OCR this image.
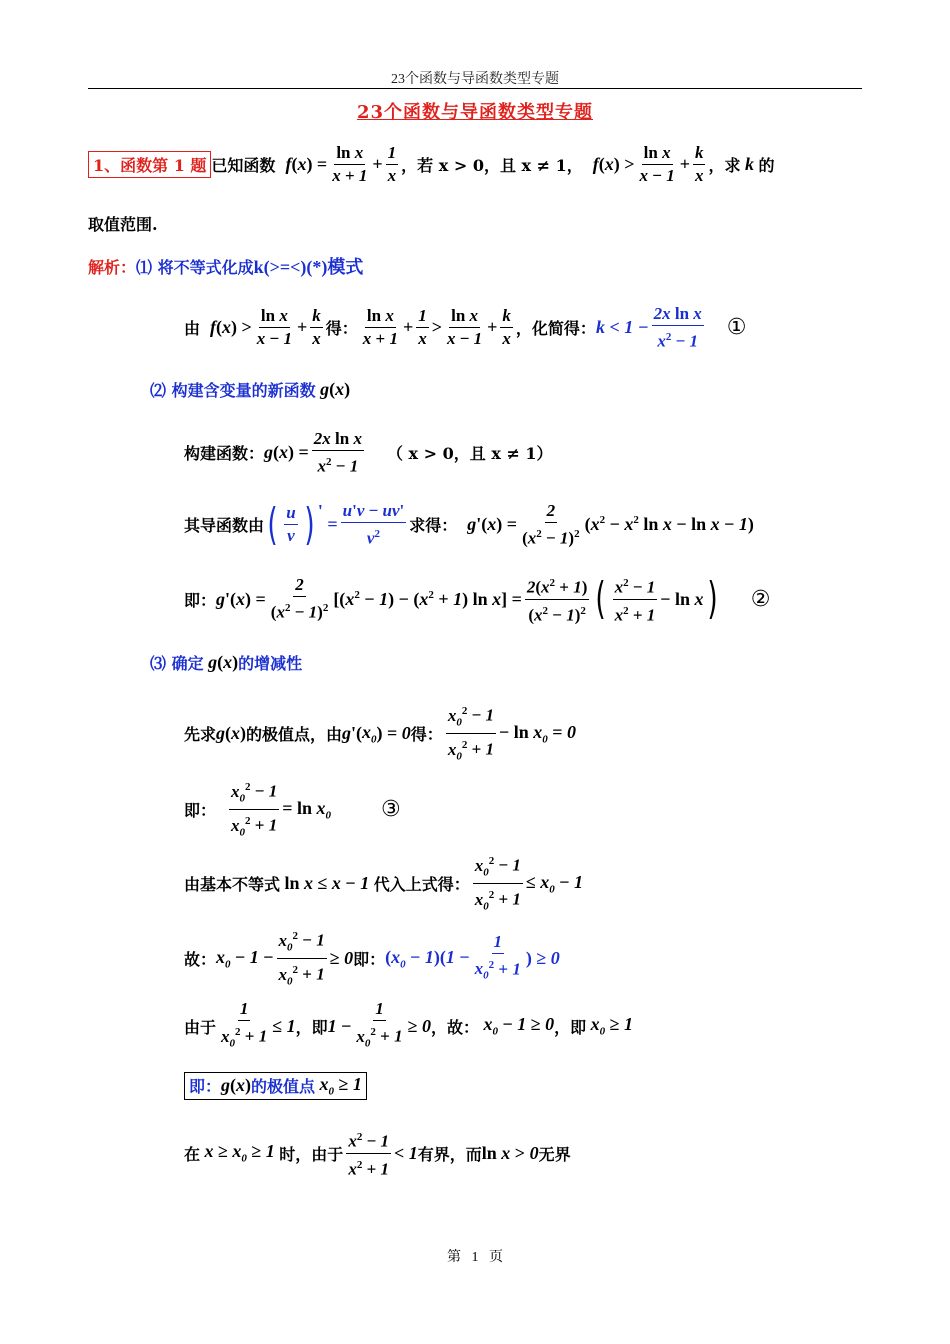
23个函数与导函数类型专题
23个函数与导函数类型专题
1、函数第 1 题 已知函数 f ( x ) = $\frac{\text{ln x}}{x + 1} + \frac{1}{x}$ ，若 x > 0，且 x ≠ 1， f ( x ) > $\frac{\text{ln x}}{x - 1} + \frac{k}{x}$ ，求 k 的
取值范围.
解析： ⑴ 将不等式化成 k(>=<)(*)模式
由 f ( x ) > $\frac{\text{ln x}}{x - 1} + \frac{k}{x}$ 得： $\frac{\text{ln x}}{x + 1} + \frac{1}{x} > \frac{\text{ln x}}{x - 1} + \frac{k}{x}$ ，化简得： $k < 1 - \frac{\text{2x ln x}}{x^2 - 1}$ ①
⑵ 构建含变量的新函数 g ( x )
构建函数： g ( x ) = $\frac{\text{2x ln x}}{x^2 - 1}$ （ x > 0，且 x ≠ 1）
其导函数由 ( $\frac{u}{v}$ ) '
= $\frac{u'v - uv'}{v^2}$ 求得： g '( x ) = $\frac{2}{(x^2 - 1)^2} (x^2 - x^2$ ln x − ln x − 1)
即： g '( x ) = $\frac{2}{(x^2 - 1)^2} [(x^2 - 1) - (x^2 + 1)$ $\ln x] = \frac{2(x^2 + 1)}{(x^2 - 1)^2}$ ( $\frac{x^2 - 1}{x^2 + 1} - \ln x$ ) ②
⑶ 确定 g ( x ) 的增减性
先求 g ( x ) 的极值点，由 g '( $x_0$ ) = 0 得： $\frac{x_0^2 - 1}{x_0^2 + 1} - \ln x_0 = 0$
即： $\frac{x_0^2 - 1}{x_0^2 + 1} = \ln x_0$ ③
由基本不等式 ln x ≤ x − 1 代入上式得： $\frac{x_0^2 - 1}{x_0^2 + 1} \le x_0 - 1$
故： $x_0 - 1 - \frac{x_0^2 - 1}{x_0^2 + 1} \ge 0$ 即： $(x_0 - 1)(1 - \frac{1}{x_0^2 + 1}$ ) ≥ 0
由于 $\frac{1}{x_0^2 + 1} \le 1$ ，即 $1 - \frac{1}{x_0^2 + 1} \ge 0$ ，故： $x_0 - 1 \ge 0$ ，即 $x_0 \ge 1$
即： g ( x ) 的极值点 $x_0 \ge 1$
在 $x \ge x_0 \ge 1$ 时，由于 $\frac{x^2 - 1}{x^2 + 1} < 1$ 有界，而 ln x > 0 无界
第 1 页
